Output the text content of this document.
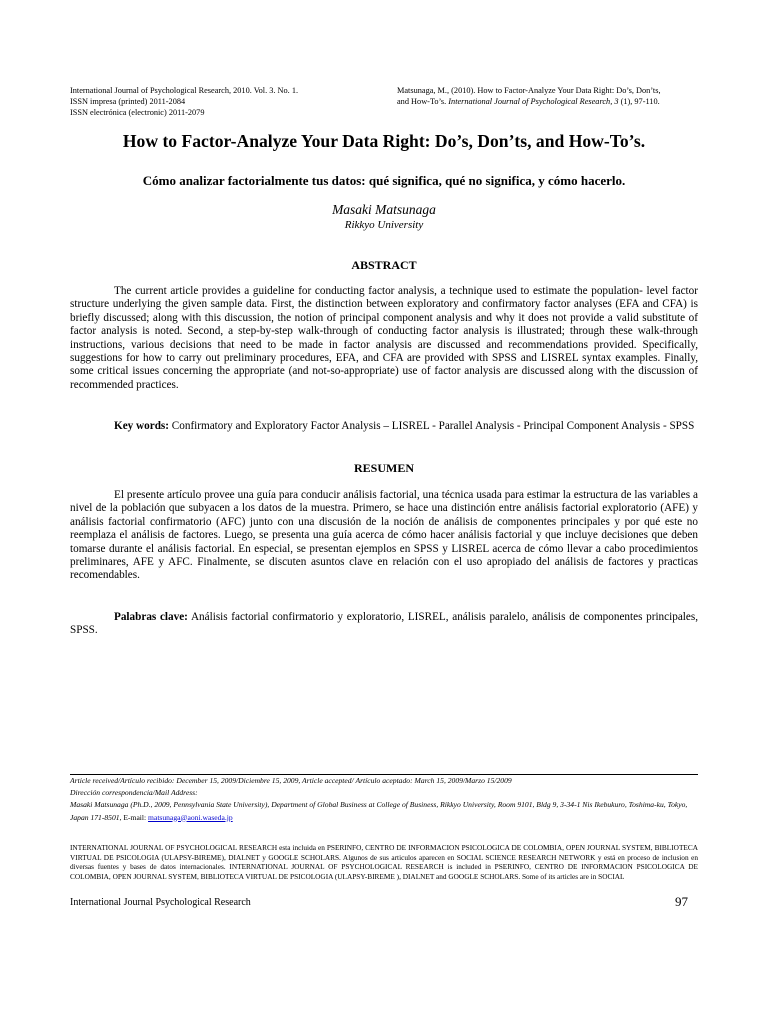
International Journal of Psychological Research, 2010. Vol. 3. No. 1.
ISSN impresa (printed) 2011-2084
ISSN electrónica (electronic) 2011-2079
Matsunaga, M., (2010). How to Factor-Analyze Your Data Right: Do’s, Don’ts,
and How-To’s. International Journal of Psychological Research, 3 (1), 97-110.
How to Factor-Analyze Your Data Right: Do’s, Don’ts, and How-To’s.
Cómo analizar factorialmente tus datos: qué significa, qué no significa, y cómo hacerlo.
Masaki Matsunaga
Rikkyo University
ABSTRACT

The current article provides a guideline for conducting factor analysis, a technique used to estimate the population- level factor structure underlying the given sample data. First, the distinction between exploratory and confirmatory factor analyses (EFA and CFA) is briefly discussed; along with this discussion, the notion of principal component analysis and why it does not provide a valid substitute of factor analysis is noted. Second, a step-by-step walk-through of conducting factor analysis is illustrated; through these walk-through instructions, various decisions that need to be made in factor analysis are discussed and recommendations provided. Specifically, suggestions for how to carry out preliminary procedures, EFA, and CFA are provided with SPSS and LISREL syntax examples. Finally, some critical issues concerning the appropriate (and not-so-appropriate) use of factor analysis are discussed along with the discussion of recommended practices.

Key words: Confirmatory and Exploratory Factor Analysis – LISREL - Parallel Analysis - Principal Component Analysis - SPSS

RESUMEN

El presente artículo provee una guía para conducir análisis factorial, una técnica usada para estimar la estructura de las variables a nivel de la población que subyacen a los datos de la muestra. Primero, se hace una distinción entre análisis factorial exploratorio (AFE) y análisis factorial confirmatorio (AFC) junto con una discusión de la noción de análisis de componentes principales y por qué este no reemplaza el análisis de factores. Luego, se presenta una guía acerca de cómo hacer análisis factorial y que incluye decisiones que deben tomarse durante el análisis factorial. En especial, se presentan ejemplos en SPSS y LISREL acerca de cómo llevar a cabo procedimientos preliminares, AFE y AFC. Finalmente, se discuten asuntos clave en relación con el uso apropiado del análisis de factores y practicas recomendables.

Palabras clave: Análisis factorial confirmatorio y exploratorio, LISREL, análisis paralelo, análisis de componentes principales, SPSS.

Article received/Artículo recibido: December 15, 2009/Diciembre 15, 2009, Article accepted/ Artículo aceptado: March 15, 2009/Marzo 15/2009
Dirección correspondencia/Mail Address:
Masaki Matsunaga (Ph.D., 2009, Pennsylvania State University), Department of Global Business at College of Business, Rikkyo University, Room 9101, Bldg 9, 3-34-1 Nis Ikebukuro, Toshima-ku, Tokyo, Japan 171-8501, E-mail: matsunaga@aoni.waseda.jp
INTERNATIONAL JOURNAL OF PSYCHOLOGICAL RESEARCH esta incluida en PSERINFO, CENTRO DE INFORMACION PSICOLOGICA DE COLOMBIA, OPEN JOURNAL SYSTEM, BIBLIOTECA VIRTUAL DE PSICOLOGIA (ULAPSY-BIREME), DIALNET y GOOGLE SCHOLARS. Algunos de sus articulos aparecen en SOCIAL SCIENCE RESEARCH NETWORK y está en proceso de inclusion en diversas fuentes y bases de datos internacionales. INTERNATIONAL JOURNAL OF PSYCHOLOGICAL RESEARCH is included in PSERINFO, CENTRO DE INFORMACION PSICOLOGICA DE COLOMBIA, OPEN JOURNAL SYSTEM, BIBLIOTECA VIRTUAL DE PSICOLOGIA (ULAPSY-BIREME ), DIALNET and GOOGLE SCHOLARS. Some of its articles are in SOCIAL
International Journal Psychological Research	97
